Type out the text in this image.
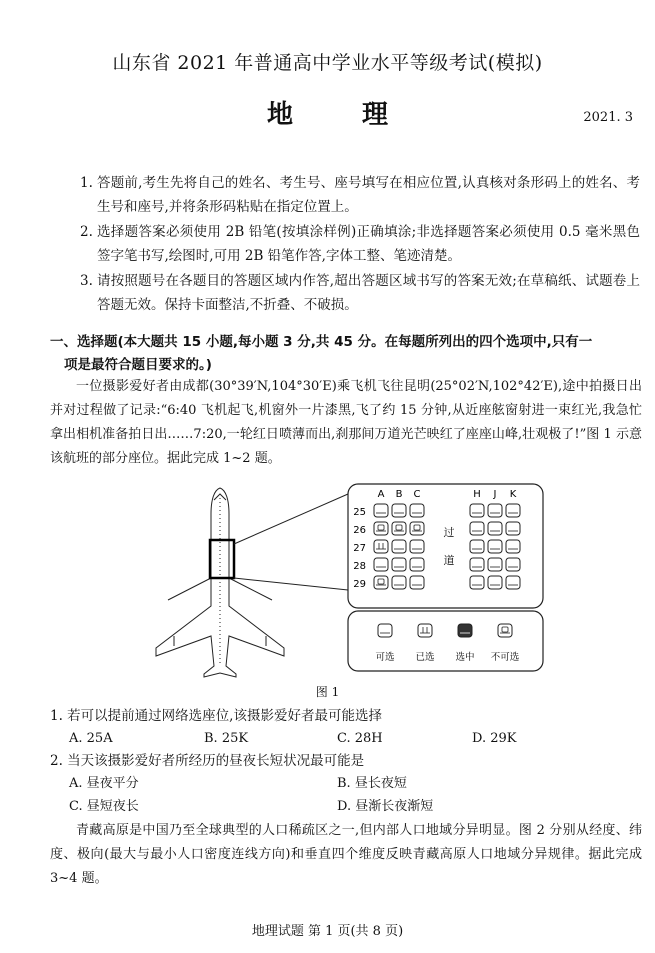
山东省 2021 年普通高中学业水平等级考试(模拟)
地 理	2021. 3
1. 答题前,考生先将自己的姓名、考生号、座号填写在相应位置,认真核对条形码上的姓名、考生号和座号,并将条形码粘贴在指定位置上。
2. 选择题答案必须使用 2B 铅笔(按填涂样例)正确填涂;非选择题答案必须使用 0.5 毫米黑色签字笔书写,绘图时,可用 2B 铅笔作答,字体工整、笔迹清楚。
3. 请按照题号在各题目的答题区域内作答,超出答题区域书写的答案无效;在草稿纸、试题卷上答题无效。保持卡面整洁,不折叠、不破损。
一、选择题(本大题共 15 小题,每小题 3 分,共 45 分。在每题所列出的四个选项中,只有一
项是最符合题目要求的。)
一位摄影爱好者由成都(30°39′N,104°30′E)乘飞机飞往昆明(25°02′N,102°42′E),途中拍摄日出并对过程做了记录:“6:40 飞机起飞,机窗外一片漆黑,飞了约 15 分钟,从近座舷窗射进一束红光,我急忙拿出相机准备拍日出……7:20,一轮红日喷薄而出,刹那间万道光芒映红了座座山峰,壮观极了!”图 1 示意该航班的部分座位。据此完成 1~2 题。
A B C	H J K
25
26
27
28
29
过
道
可选 已选 选中 不可选
图 1
1. 若可以提前通过网络选座位,该摄影爱好者最可能选择
A. 25A	B. 25K	C. 28H	D. 29K
2. 当天该摄影爱好者所经历的昼夜长短状况最可能是
A. 昼夜平分	B. 昼长夜短
C. 昼短夜长	D. 昼渐长夜渐短
青藏高原是中国乃至全球典型的人口稀疏区之一,但内部人口地域分异明显。图 2 分别从经度、纬度、极向(最大与最小人口密度连线方向)和垂直四个维度反映青藏高原人口地域分异规律。据此完成 3~4 题。
地理试题 第 1 页(共 8 页)
